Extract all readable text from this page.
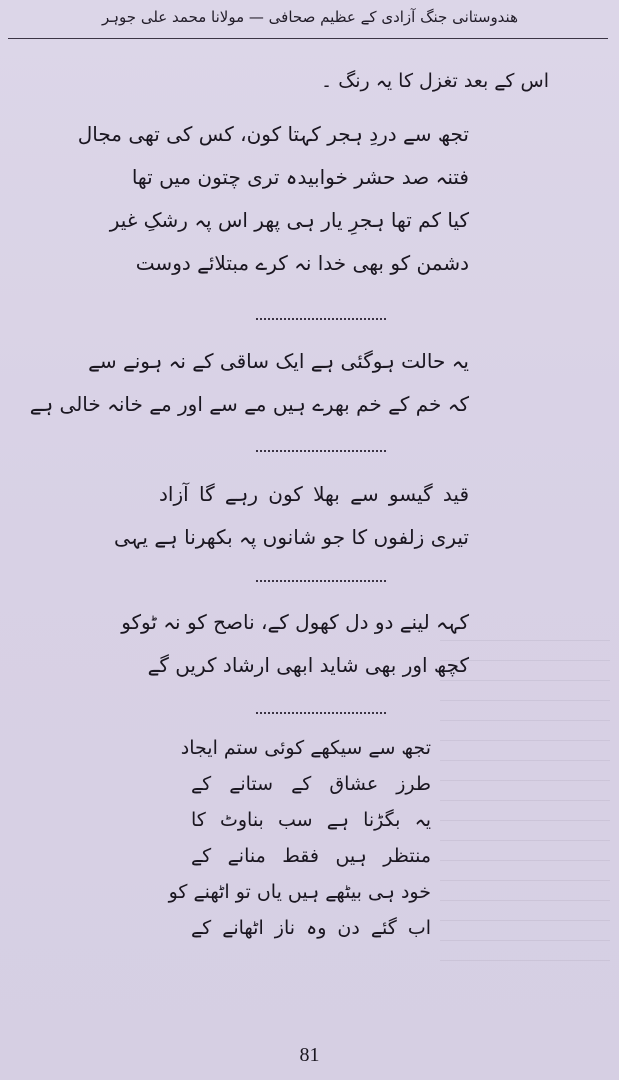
ھندوستانی جنگ آزادی کے عظیم صحافی — مولانا محمد علی جوہر
اس کے بعد تغزل کا یہ رنگ ۔
تجھ سے دردِ ہجر کہتا کون، کس کی تھی مجال
فتنہ صد حشر خوابیدہ تری چتون میں تھا
کیا کم تھا ہجرِ یار ہی پھر اس پہ رشکِ غیر
دشمن کو بھی خدا نہ کرے مبتلائے دوست
یہ حالت ہوگئی ہے ایک ساقی کے نہ ہونے سے
کہ خم کے خم بھرے ہیں مے سے اور مے خانہ خالی ہے
قید گیسو سے بھلا کون رہے گا آزاد
تیری زلفوں کا جو شانوں پہ بکھرنا ہے یہی
کہہ لینے دو دل کھول کے، ناصح کو نہ ٹوکو
کچھ اور بھی شاید ابھی ارشاد کریں گے
تجھ سے سیکھے کوئی ستم ایجاد
طرز عشاق کے ستانے کے
یہ بگڑنا ہے سب بناوٹ کا
منتظر ہیں فقط منانے کے
خود ہی بیٹھے ہیں یاں تو اٹھنے کو
اب گئے دن وہ ناز اٹھانے کے
81
